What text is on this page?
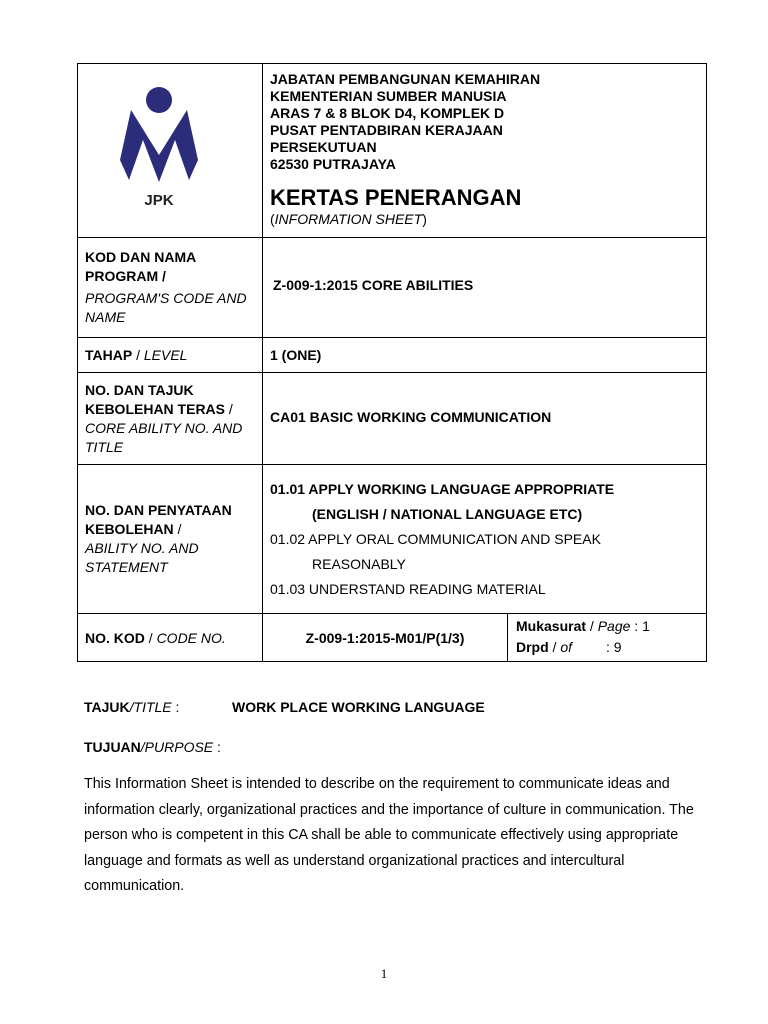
JPK

JABATAN PEMBANGUNAN KEMAHIRAN
KEMENTERIAN SUMBER MANUSIA
ARAS 7 & 8 BLOK D4, KOMPLEK D
PUSAT PENTADBIRAN KERAJAAN
PERSEKUTUAN
62530 PUTRAJAYA
KERTAS PENERANGAN
(INFORMATION SHEET)

KOD DAN NAMA PROGRAM /
PROGRAM'S CODE AND NAME
	Z-009-1:2015 CORE ABILITIES
TAHAP / LEVEL	1 (ONE)

NO. DAN TAJUK KEBOLEHAN TERAS /
CORE ABILITY NO. AND TITLE
	CA01 BASIC WORKING COMMUNICATION

NO. DAN PENYATAAN KEBOLEHAN /
ABILITY NO. AND STATEMENT

01.01 APPLY WORKING LANGUAGE APPROPRIATE
(ENGLISH / NATIONAL LANGUAGE ETC)
01.02 APPLY ORAL COMMUNICATION AND SPEAK
REASONABLY
01.03 UNDERSTAND READING MATERIAL

NO. KOD / CODE NO.		Z-009-1:2015-M01/P(1/3)	
Mukasurat / Page : 1
Drpd / of : 9
TAJUK/TITLE :	WORK PLACE WORKING LANGUAGE
TUJUAN/PURPOSE :
This Information Sheet is intended to describe on the requirement to communicate ideas and information clearly, organizational practices and the importance of culture in communication. The person who is competent in this CA shall be able to communicate effectively using appropriate language and formats as well as understand organizational practices and intercultural communication.
1
